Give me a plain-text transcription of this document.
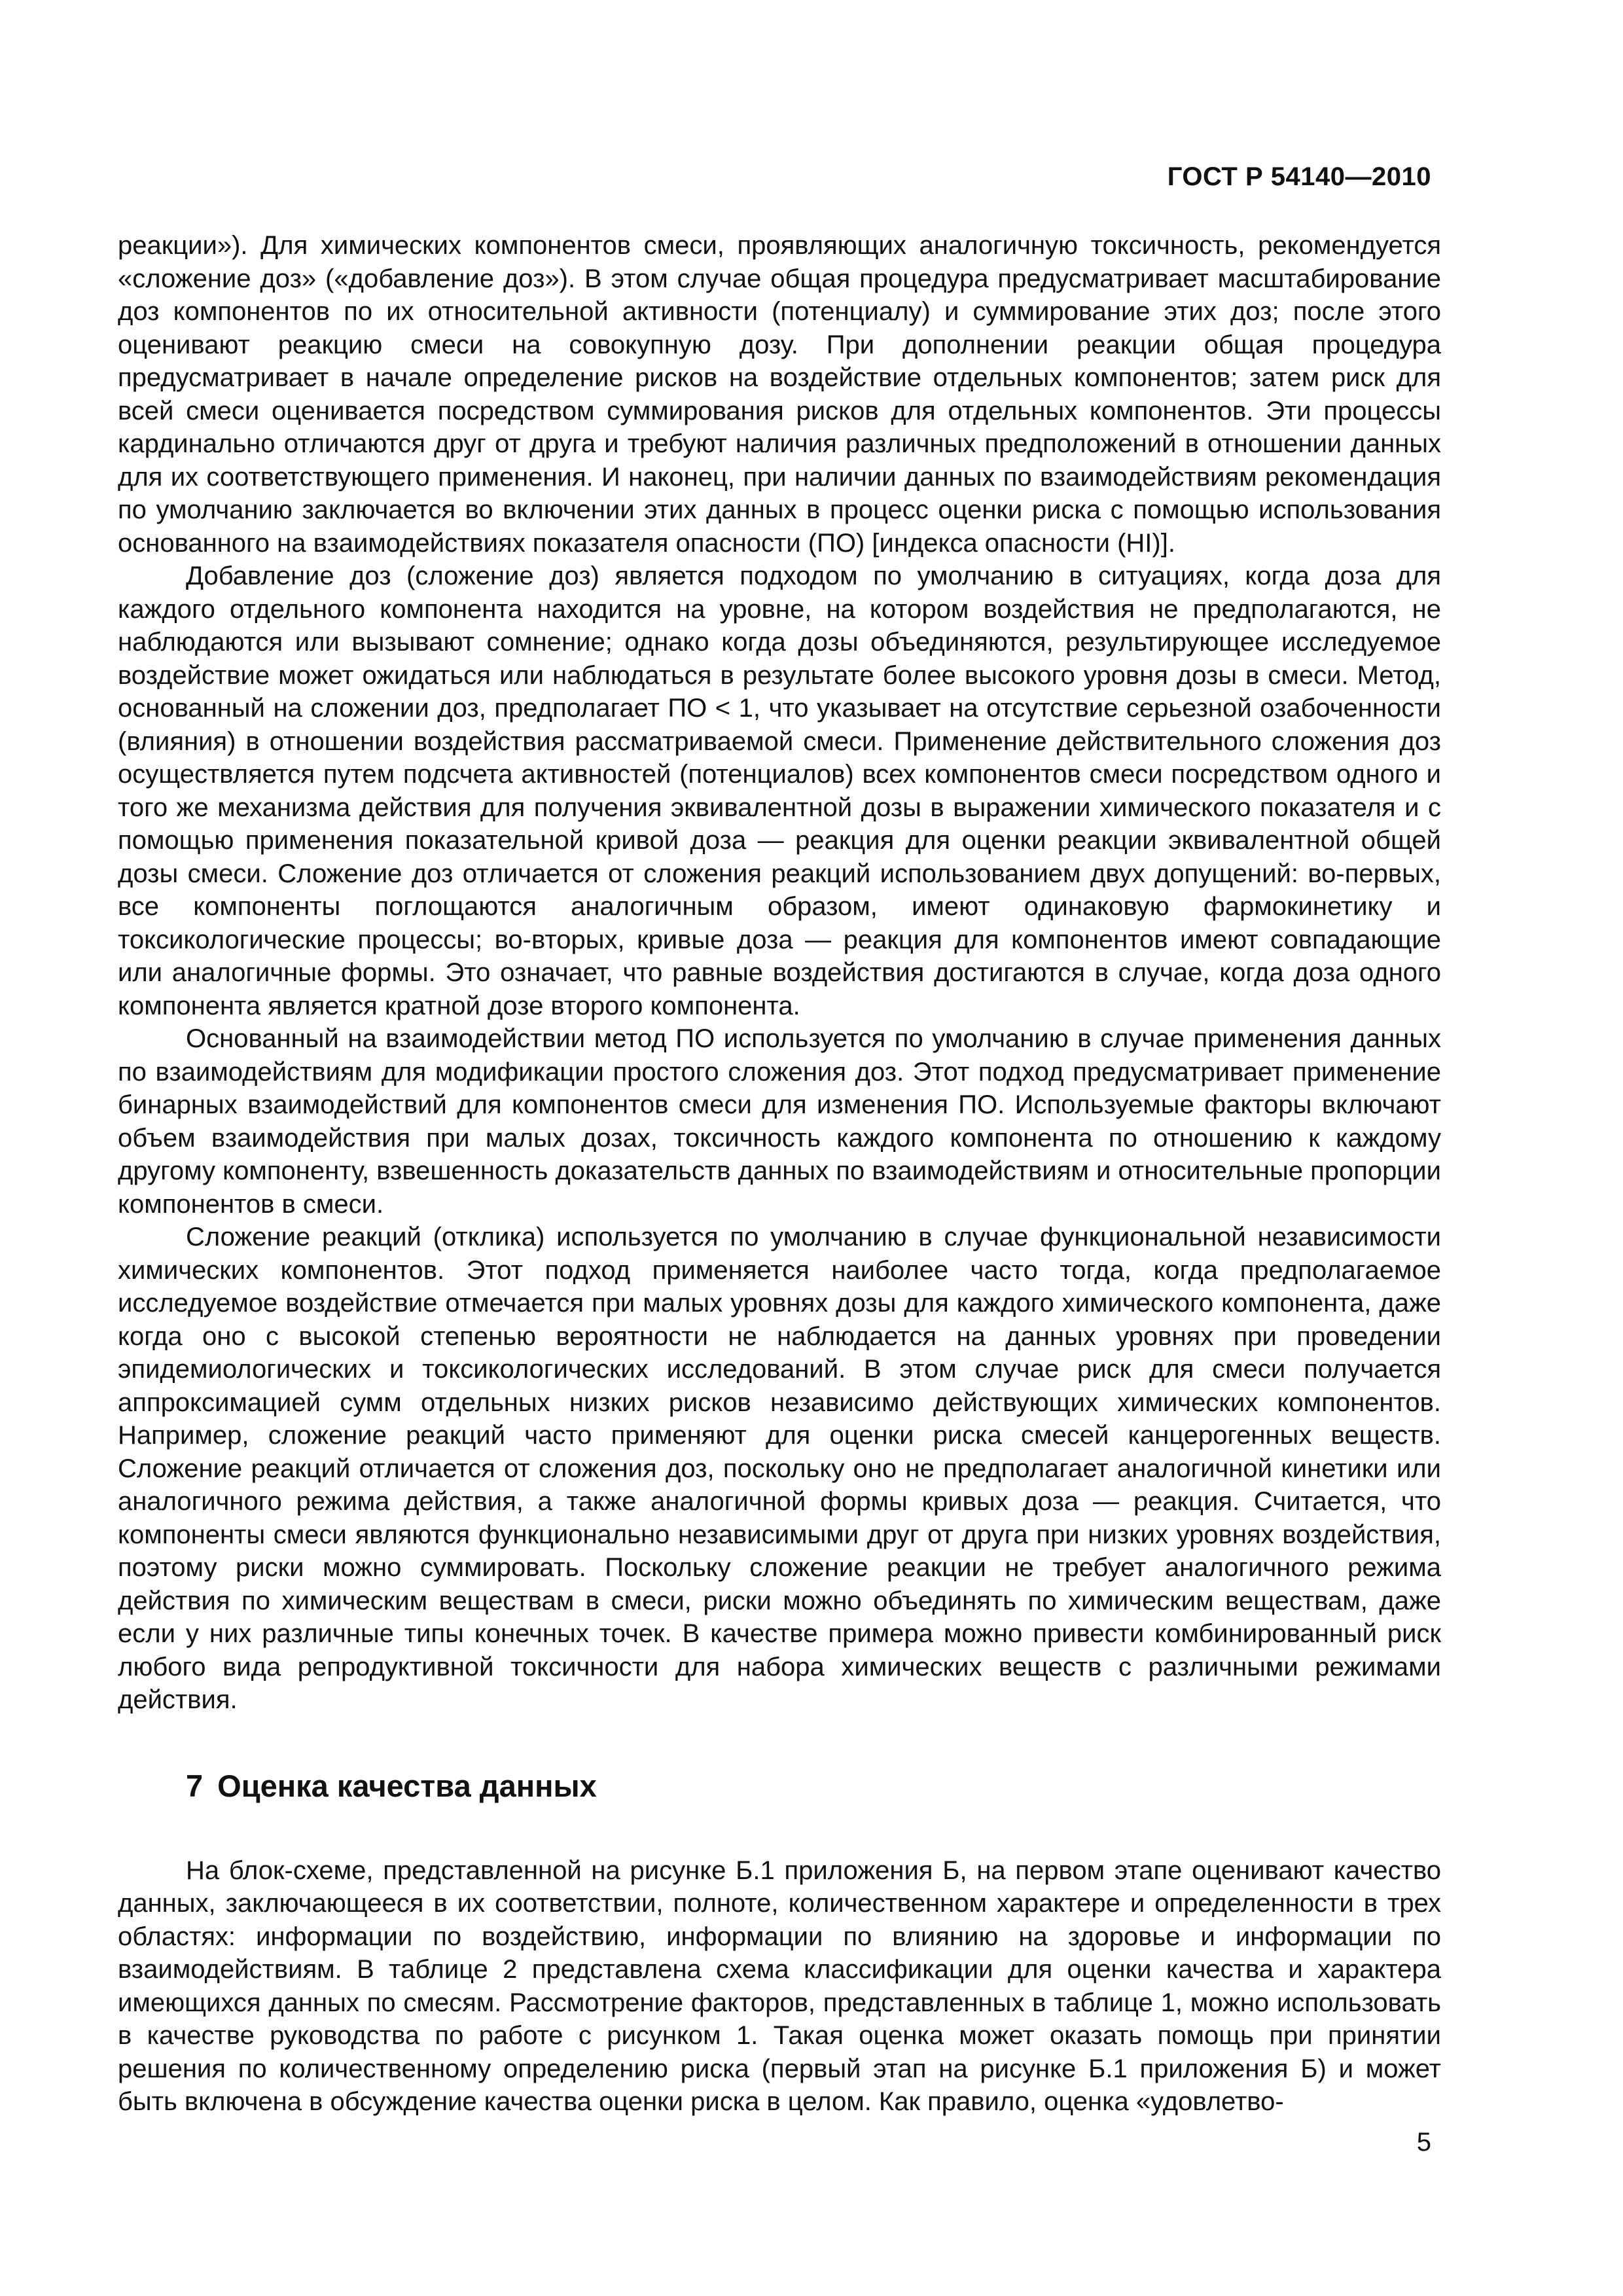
ГОСТ Р 54140—2010

реакции»). Для химических компонентов смеси, проявляющих аналогичную токсичность, рекомендуется «сложение доз» («добавление доз»). В этом случае общая процедура предусматривает масштабирование доз компонентов по их относительной активности (потенциалу) и суммирование этих доз; после этого оценивают реакцию смеси на совокупную дозу. При дополнении реакции общая процедура предусматривает в начале определение рисков на воздействие отдельных компонентов; затем риск для всей смеси оценивается посредством суммирования рисков для отдельных компонентов. Эти процессы кардинально отличаются друг от друга и требуют наличия различных предположений в отношении данных для их соответствующего применения. И наконец, при наличии данных по взаимодействиям рекомендация по умолчанию заключается во включении этих данных в процесс оценки риска с помощью использования основанного на взаимодействиях показателя опасности (ПО) [индекса опасности (HI)].

Добавление доз (сложение доз) является подходом по умолчанию в ситуациях, когда доза для каждого отдельного компонента находится на уровне, на котором воздействия не предполагаются, не наблюдаются или вызывают сомнение; однако когда дозы объединяются, результирующее исследуемое воздействие может ожидаться или наблюдаться в результате более высокого уровня дозы в смеси. Метод, основанный на сложении доз, предполагает ПО < 1, что указывает на отсутствие серьезной озабоченности (влияния) в отношении воздействия рассматриваемой смеси. Применение действительного сложения доз осуществляется путем подсчета активностей (потенциалов) всех компонентов смеси посредством одного и того же механизма действия для получения эквивалентной дозы в выражении химического показателя и с помощью применения показательной кривой доза — реакция для оценки реакции эквивалентной общей дозы смеси. Сложение доз отличается от сложения реакций использованием двух допущений: во-первых, все компоненты поглощаются аналогичным образом, имеют одинаковую фармокинетику и токсикологические процессы; во-вторых, кривые доза — реакция для компонентов имеют совпадающие или аналогичные формы. Это означает, что равные воздействия достигаются в случае, когда доза одного компонента является кратной дозе второго компонента.

Основанный на взаимодействии метод ПО используется по умолчанию в случае применения данных по взаимодействиям для модификации простого сложения доз. Этот подход предусматривает применение бинарных взаимодействий для компонентов смеси для изменения ПО. Используемые факторы включают объем взаимодействия при малых дозах, токсичность каждого компонента по отношению к каждому другому компоненту, взвешенность доказательств данных по взаимодействиям и относительные пропорции компонентов в смеси.

Сложение реакций (отклика) используется по умолчанию в случае функциональной независимости химических компонентов. Этот подход применяется наиболее часто тогда, когда предполагаемое исследуемое воздействие отмечается при малых уровнях дозы для каждого химического компонента, даже когда оно с высокой степенью вероятности не наблюдается на данных уровнях при проведении эпидемиологических и токсикологических исследований. В этом случае риск для смеси получается аппроксимацией сумм отдельных низких рисков независимо действующих химических компонентов. Например, сложение реакций часто применяют для оценки риска смесей канцерогенных веществ. Сложение реакций отличается от сложения доз, поскольку оно не предполагает аналогичной кинетики или аналогичного режима действия, а также аналогичной формы кривых доза — реакция. Считается, что компоненты смеси являются функционально независимыми друг от друга при низких уровнях воздействия, поэтому риски можно суммировать. Поскольку сложение реакции не требует аналогичного режима действия по химическим веществам в смеси, риски можно объединять по химическим веществам, даже если у них различные типы конечных точек. В качестве примера можно привести комбинированный риск любого вида репродуктивной токсичности для набора химических веществ с различными режимами действия.

7 Оценка качества данных

На блок-схеме, представленной на рисунке Б.1 приложения Б, на первом этапе оценивают качество данных, заключающееся в их соответствии, полноте, количественном характере и определенности в трех областях: информации по воздействию, информации по влиянию на здоровье и информации по взаимодействиям. В таблице 2 представлена схема классификации для оценки качества и характера имеющихся данных по смесям. Рассмотрение факторов, представленных в таблице 1, можно использовать в качестве руководства по работе с рисунком 1. Такая оценка может оказать помощь при принятии решения по количественному определению риска (первый этап на рисунке Б.1 приложения Б) и может быть включена в обсуждение качества оценки риска в целом. Как правило, оценка «удовлетво-

5
